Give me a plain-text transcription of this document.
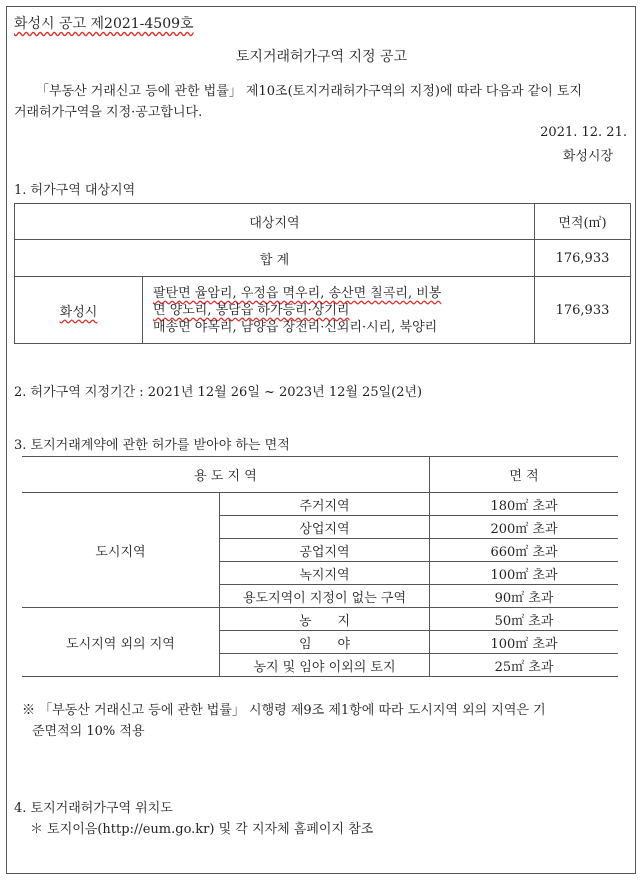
화성시 공고 제2021-4509호
토지거래허가구역 지정 공고
「부동산 거래신고 등에 관한 법률」 제10조(토지거래허가구역의 지정)에 따라 다음과 같이 토지
거래허가구역을 지정·공고합니다.
2021. 12. 21.
화성시장
1. 허가구역 대상지역
대상지역		면적(㎡)
합 계		176,933
화성시	팔탄면 율암리, 우정읍 멱우리, 송산면 칠곡리, 비봉
면 양노리, 봉담읍 하가등리·상기리
매송면 야목리, 남양읍 장전리·신외리·시리, 북양리	176,933
2. 허가구역 지정기간 : 2021년 12월 26일 ~ 2023년 12월 25일(2년)
3. 토지거래계약에 관한 허가를 받아야 하는 면적
용 도 지 역		면 적
도시지역	주거지역	180㎡ 초과
	상업지역	200㎡ 초과
	공업지역	660㎡ 초과
	녹지지역	100㎡ 초과
	용도지역이 지정이 없는 구역	90㎡ 초과
도시지역 외의 지역	농　　지	50㎡ 초과
	임　　야	100㎡ 초과
	농지 및 임야 이외의 토지	25㎡ 초과
※ 「부동산 거래신고 등에 관한 법률」 시행령 제9조 제1항에 따라 도시지역 외의 지역은 기
준면적의 10% 적용
4. 토지거래허가구역 위치도
＊ 토지이음(http://eum.go.kr) 및 각 지자체 홈페이지 참조
